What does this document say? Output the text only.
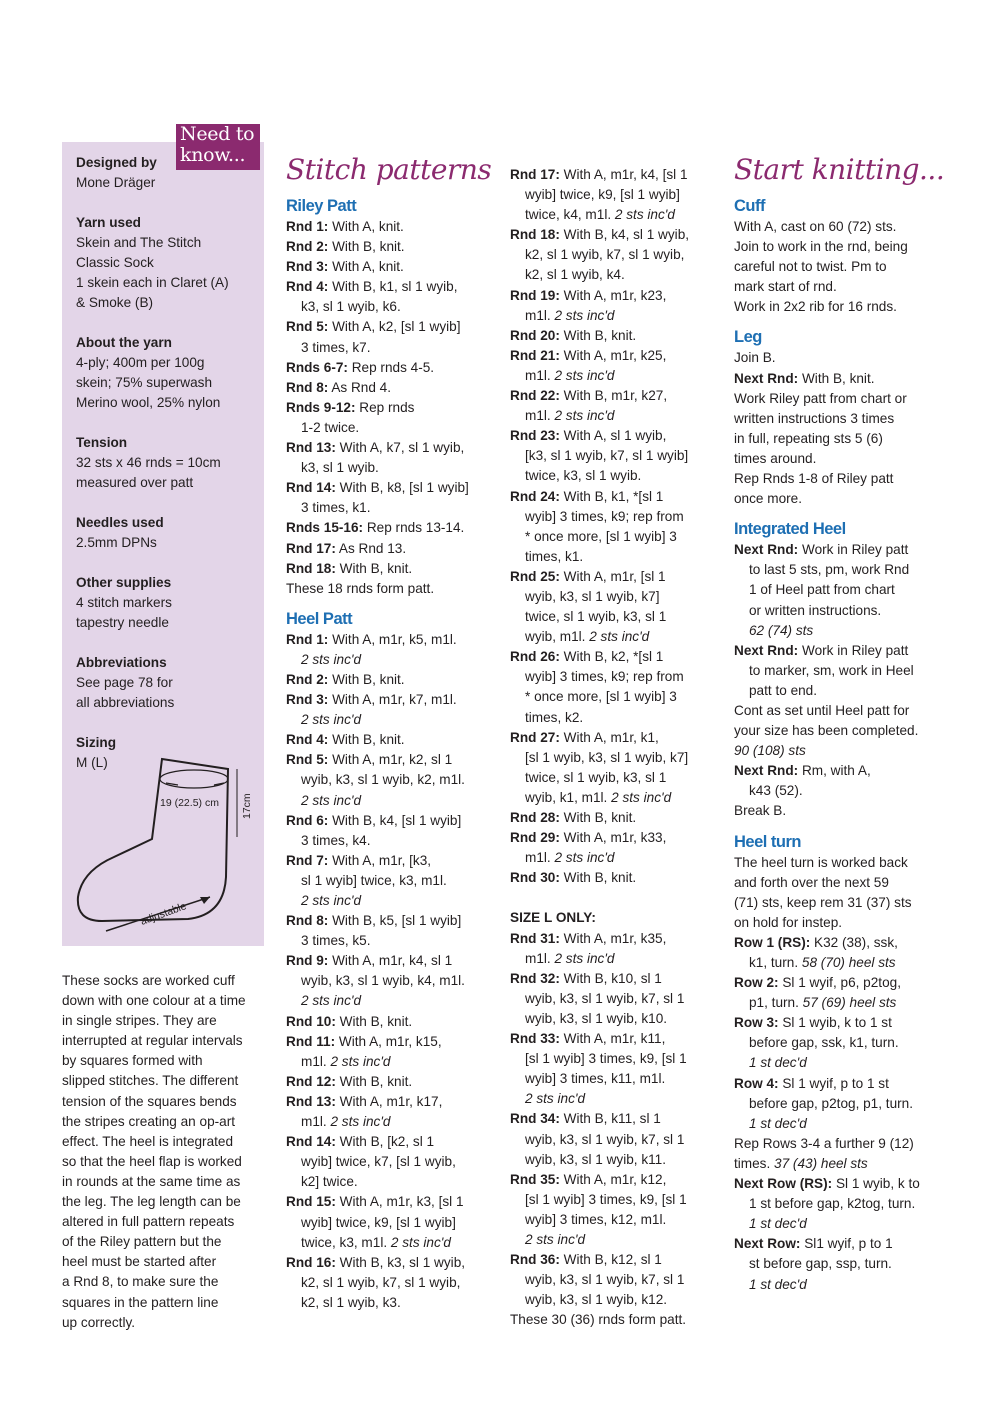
Need to
know...
Designed by
Mone Dräger
Yarn used
Skein and The Stitch
Classic Sock
1 skein each in Claret (A)
& Smoke (B)
About the yarn
4-ply; 400m per 100g
skein; 75% superwash
Merino wool, 25% nylon
Tension
32 sts x 46 rnds = 10cm
measured over patt
Needles used
2.5mm DPNs
Other supplies
4 stitch markers
tapestry needle
Abbreviations
See page 78 for
all abbreviations
Sizing
M (L)
19 (22.5) cm 17cm
adjustable
These socks are worked cuff
down with one colour at a time
in single stripes. They are
interrupted at regular intervals
by squares formed with
slipped stitches. The different
tension of the squares bends
the stripes creating an op-art
effect. The heel is integrated
so that the heel flap is worked
in rounds at the same time as
the leg. The leg length can be
altered in full pattern repeats
of the Riley pattern but the
heel must be started after
a Rnd 8, to make sure the
squares in the pattern line
up correctly.
Stitch patterns
Riley Patt
Rnd 1: With A, knit.
Rnd 2: With B, knit.
Rnd 3: With A, knit.
Rnd 4: With B, k1, sl 1 wyib,
k3, sl 1 wyib, k6.
Rnd 5: With A, k2, [sl 1 wyib]
3 times, k7.
Rnds 6-7: Rep rnds 4-5.
Rnd 8: As Rnd 4.
Rnds 9-12: Rep rnds
1-2 twice.
Rnd 13: With A, k7, sl 1 wyib,
k3, sl 1 wyib.
Rnd 14: With B, k8, [sl 1 wyib]
3 times, k1.
Rnds 15-16: Rep rnds 13-14.
Rnd 17: As Rnd 13.
Rnd 18: With B, knit.
These 18 rnds form patt.
Heel Patt
Rnd 1: With A, m1r, k5, m1l.
2 sts inc'd
Rnd 2: With B, knit.
Rnd 3: With A, m1r, k7, m1l.
2 sts inc'd
Rnd 4: With B, knit.
Rnd 5: With A, m1r, k2, sl 1
wyib, k3, sl 1 wyib, k2, m1l.
2 sts inc'd
Rnd 6: With B, k4, [sl 1 wyib]
3 times, k4.
Rnd 7: With A, m1r, [k3,
sl 1 wyib] twice, k3, m1l.
2 sts inc'd
Rnd 8: With B, k5, [sl 1 wyib]
3 times, k5.
Rnd 9: With A, m1r, k4, sl 1
wyib, k3, sl 1 wyib, k4, m1l.
2 sts inc'd
Rnd 10: With B, knit.
Rnd 11: With A, m1r, k15,
m1l. 2 sts inc'd
Rnd 12: With B, knit.
Rnd 13: With A, m1r, k17,
m1l. 2 sts inc'd
Rnd 14: With B, [k2, sl 1
wyib] twice, k7, [sl 1 wyib,
k2] twice.
Rnd 15: With A, m1r, k3, [sl 1
wyib] twice, k9, [sl 1 wyib]
twice, k3, m1l. 2 sts inc'd
Rnd 16: With B, k3, sl 1 wyib,
k2, sl 1 wyib, k7, sl 1 wyib,
k2, sl 1 wyib, k3.
Rnd 17: With A, m1r, k4, [sl 1
wyib] twice, k9, [sl 1 wyib]
twice, k4, m1l. 2 sts inc'd
Rnd 18: With B, k4, sl 1 wyib,
k2, sl 1 wyib, k7, sl 1 wyib,
k2, sl 1 wyib, k4.
Rnd 19: With A, m1r, k23,
m1l. 2 sts inc'd
Rnd 20: With B, knit.
Rnd 21: With A, m1r, k25,
m1l. 2 sts inc'd
Rnd 22: With B, m1r, k27,
m1l. 2 sts inc'd
Rnd 23: With A, sl 1 wyib,
[k3, sl 1 wyib, k7, sl 1 wyib]
twice, k3, sl 1 wyib.
Rnd 24: With B, k1, *[sl 1
wyib] 3 times, k9; rep from
* once more, [sl 1 wyib] 3
times, k1.
Rnd 25: With A, m1r, [sl 1
wyib, k3, sl 1 wyib, k7]
twice, sl 1 wyib, k3, sl 1
wyib, m1l. 2 sts inc'd
Rnd 26: With B, k2, *[sl 1
wyib] 3 times, k9; rep from
* once more, [sl 1 wyib] 3
times, k2.
Rnd 27: With A, m1r, k1,
[sl 1 wyib, k3, sl 1 wyib, k7]
twice, sl 1 wyib, k3, sl 1
wyib, k1, m1l. 2 sts inc'd
Rnd 28: With B, knit.
Rnd 29: With A, m1r, k33,
m1l. 2 sts inc'd
Rnd 30: With B, knit.
SIZE L ONLY:
Rnd 31: With A, m1r, k35,
m1l. 2 sts inc'd
Rnd 32: With B, k10, sl 1
wyib, k3, sl 1 wyib, k7, sl 1
wyib, k3, sl 1 wyib, k10.
Rnd 33: With A, m1r, k11,
[sl 1 wyib] 3 times, k9, [sl 1
wyib] 3 times, k11, m1l.
2 sts inc'd
Rnd 34: With B, k11, sl 1
wyib, k3, sl 1 wyib, k7, sl 1
wyib, k3, sl 1 wyib, k11.
Rnd 35: With A, m1r, k12,
[sl 1 wyib] 3 times, k9, [sl 1
wyib] 3 times, k12, m1l.
2 sts inc'd
Rnd 36: With B, k12, sl 1
wyib, k3, sl 1 wyib, k7, sl 1
wyib, k3, sl 1 wyib, k12.
These 30 (36) rnds form patt.
Start knitting...
Cuff
With A, cast on 60 (72) sts.
Join to work in the rnd, being
careful not to twist. Pm to
mark start of rnd.
Work in 2x2 rib for 16 rnds.
Leg
Join B.
Next Rnd: With B, knit.
Work Riley patt from chart or
written instructions 3 times
in full, repeating sts 5 (6)
times around.
Rep Rnds 1-8 of Riley patt
once more.
Integrated Heel
Next Rnd: Work in Riley patt
to last 5 sts, pm, work Rnd
1 of Heel patt from chart
or written instructions.
62 (74) sts
Next Rnd: Work in Riley patt
to marker, sm, work in Heel
patt to end.
Cont as set until Heel patt for
your size has been completed.
90 (108) sts
Next Rnd: Rm, with A,
k43 (52).
Break B.
Heel turn
The heel turn is worked back
and forth over the next 59
(71) sts, keep rem 31 (37) sts
on hold for instep.
Row 1 (RS): K32 (38), ssk,
k1, turn. 58 (70) heel sts
Row 2: Sl 1 wyif, p6, p2tog,
p1, turn. 57 (69) heel sts
Row 3: Sl 1 wyib, k to 1 st
before gap, ssk, k1, turn.
1 st dec'd
Row 4: Sl 1 wyif, p to 1 st
before gap, p2tog, p1, turn.
1 st dec'd
Rep Rows 3-4 a further 9 (12)
times. 37 (43) heel sts
Next Row (RS): Sl 1 wyib, k to
1 st before gap, k2tog, turn.
1 st dec'd
Next Row: Sl1 wyif, p to 1
st before gap, ssp, turn.
1 st dec'd
